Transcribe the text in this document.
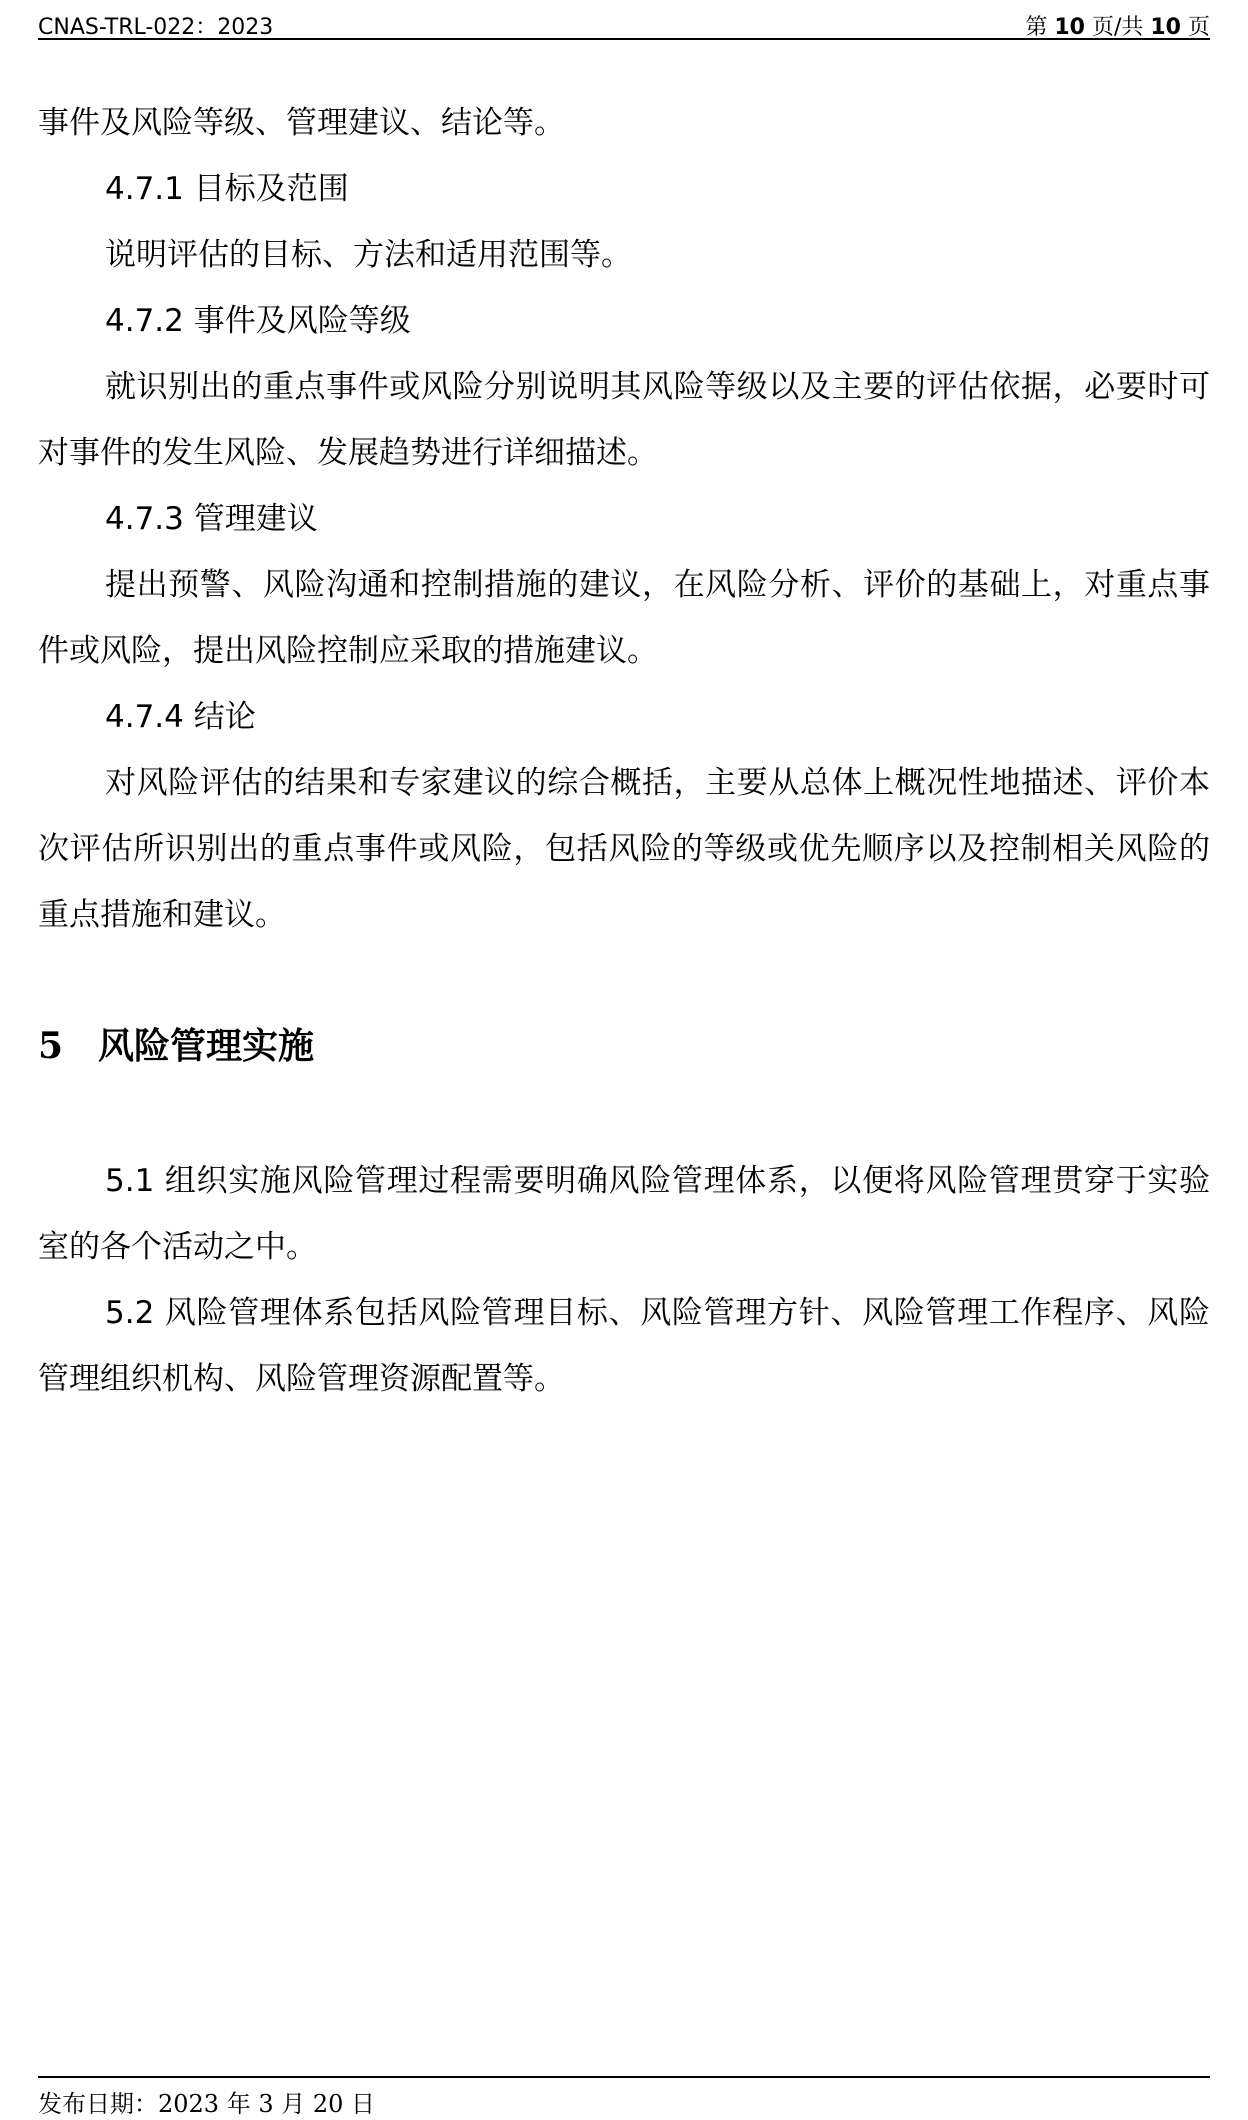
CNAS-TRL-022：2023	第 10 页/共 10 页

事件及风险等级、管理建议、结论等。

4.7.1 目标及范围

说明评估的目标、方法和适用范围等。

4.7.2 事件及风险等级

就识别出的重点事件或风险分别说明其风险等级以及主要的评估依据，必要时可对事件的发生风险、发展趋势进行详细描述。

4.7.3 管理建议

提出预警、风险沟通和控制措施的建议，在风险分析、评价的基础上，对重点事件或风险，提出风险控制应采取的措施建议。

4.7.4 结论

对风险评估的结果和专家建议的综合概括，主要从总体上概况性地描述、评价本次评估所识别出的重点事件或风险，包括风险的等级或优先顺序以及控制相关风险的重点措施和建议。

5 风险管理实施

5.1 组织实施风险管理过程需要明确风险管理体系，以便将风险管理贯穿于实验室的各个活动之中。

5.2 风险管理体系包括风险管理目标、风险管理方针、风险管理工作程序、风险管理组织机构、风险管理资源配置等。

发布日期：2023 年 3 月 20 日
